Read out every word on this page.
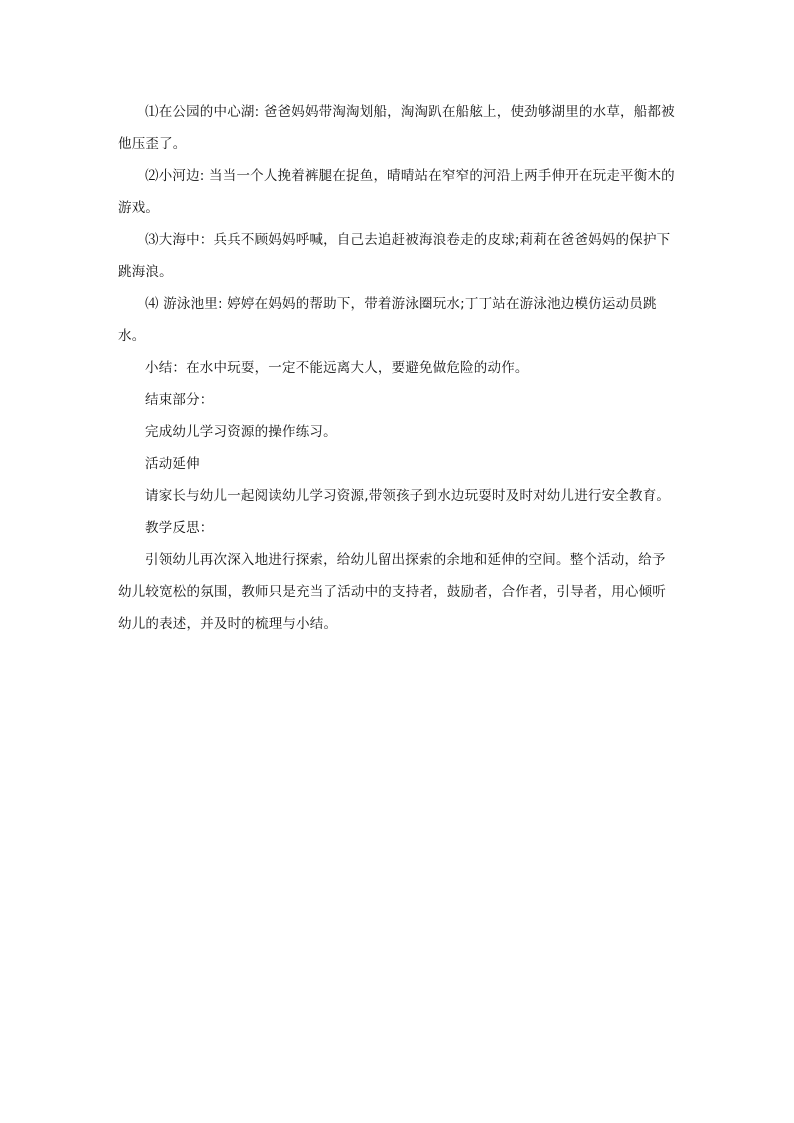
⑴在公园的中心湖: 爸爸妈妈带淘淘划船，淘淘趴在船舷上，使劲够湖里的水草，船都被他压歪了。

⑵小河边: 当当一个人挽着裤腿在捉鱼，晴晴站在窄窄的河沿上两手伸开在玩走平衡木的游戏。

⑶大海中：兵兵不顾妈妈呼喊，自己去追赶被海浪卷走的皮球;莉莉在爸爸妈妈的保护下跳海浪。

⑷ 游泳池里: 婷婷在妈妈的帮助下，带着游泳圈玩水;丁丁站在游泳池边模仿运动员跳水。

小结：在水中玩耍，一定不能远离大人，要避免做危险的动作。

结束部分：

完成幼儿学习资源的操作练习。

活动延伸

请家长与幼儿一起阅读幼儿学习资源,带领孩子到水边玩耍时及时对幼儿进行安全教育。

教学反思：

引领幼儿再次深入地进行探索，给幼儿留出探索的余地和延伸的空间。整个活动，给予幼儿较宽松的氛围，教师只是充当了活动中的支持者，鼓励者，合作者，引导者，用心倾听幼儿的表述，并及时的梳理与小结。
